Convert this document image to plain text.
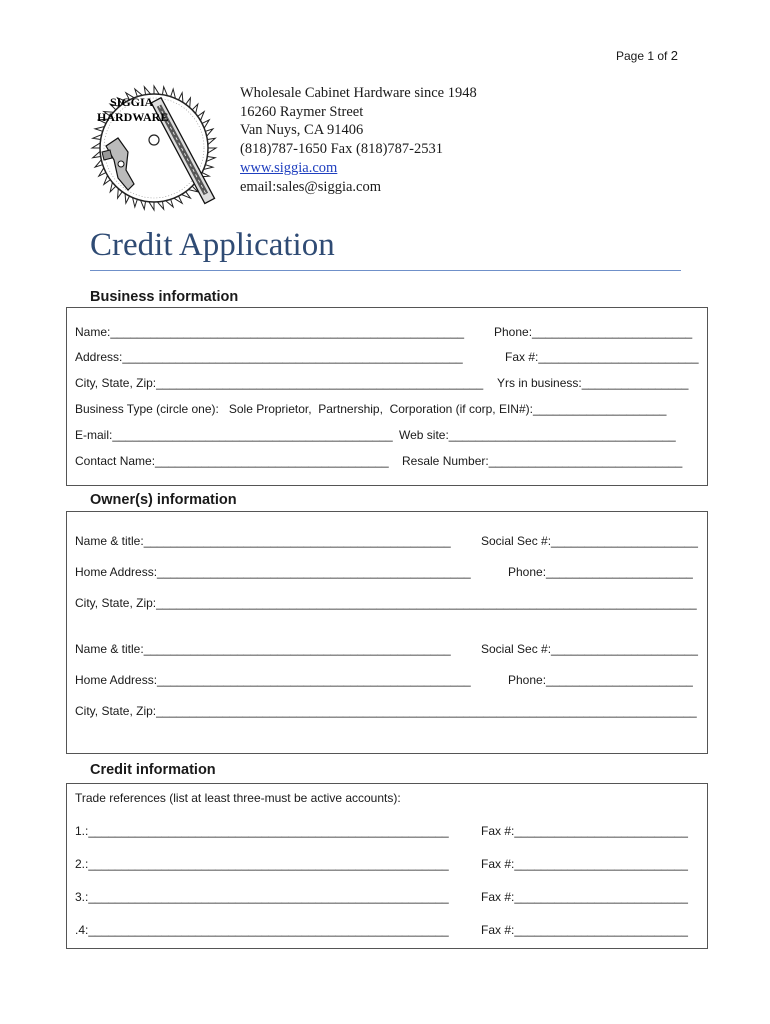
Page 1 of 2
SIGGIA
HARDWARE
Wholesale Cabinet Hardware since 1948
16260 Raymer Street
Van Nuys, CA 91406
(818)787-1650 Fax (818)787-2531
www.siggia.com
email:sales@siggia.com
Credit Application
Business information
Name:_____________________________________________________ Phone:________________________
Address:___________________________________________________	Fax #:________________________
City, State, Zip:_________________________________________________ Yrs in business:________________
Business Type (circle one):   Sole Proprietor,  Partnership,  Corporation (if corp, EIN#):____________________
E-mail:__________________________________________ Web site:__________________________________
Contact Name:___________________________________ Resale Number:_____________________________
Owner(s) information
Name & title:______________________________________________	Social Sec #:______________________
Home Address:_______________________________________________	Phone:______________________
City, State, Zip:_________________________________________________________________________________
Name & title:______________________________________________	Social Sec #:______________________
Home Address:_______________________________________________	Phone:______________________
City, State, Zip:_________________________________________________________________________________
Credit information
Trade references (list at least three-must be active accounts):
1.:______________________________________________________	Fax #:__________________________
2.:______________________________________________________	Fax #:__________________________
3.:______________________________________________________	Fax #:__________________________
.4:______________________________________________________	Fax #:__________________________
